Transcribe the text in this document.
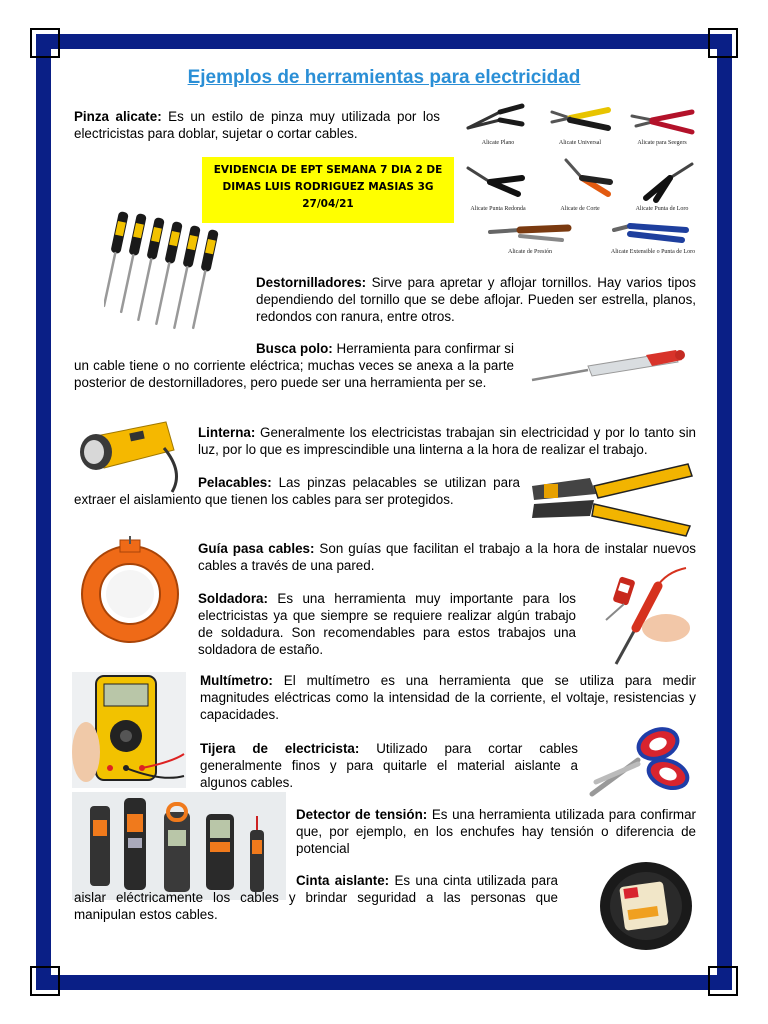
Ejemplos de herramientas para electricidad
Pinza alicate: Es un estilo de pinza muy utilizada por los electricistas para doblar, sujetar o cortar cables.
Alicate Plano	Alicate Universal	Alicate para Seegers
Alicate Punta Redonda	Alicate de Corte	Alicate Punta de Loro
Alicate de Presión	Alicate Extensible o Punta de Loro
EVIDENCIA DE EPT SEMANA 7 DIA 2 DE
DIMAS LUIS RODRIGUEZ MASIAS 3G
27/04/21
Destornilladores: Sirve para apretar y aflojar tornillos. Hay varios tipos dependiendo del tornillo que se debe aflojar. Pueden ser estrella, planos, redondos con ranura, entre otros.
Busca polo: Herramienta para confirmar si un cable tiene o no corriente eléctrica; muchas veces se anexa a la parte posterior de destornilladores, pero puede ser una herramienta per se.
Linterna: Generalmente los electricistas trabajan sin electricidad y por lo tanto sin luz, por lo que es imprescindible una linterna a la hora de realizar el trabajo.
Pelacables: Las pinzas pelacables se utilizan para extraer el aislamiento que tienen los cables para ser protegidos.
Guía pasa cables: Son guías que facilitan el trabajo a la hora de instalar nuevos cables a través de una pared.
Soldadora: Es una herramienta muy importante para los electricistas ya que siempre se requiere realizar algún trabajo de soldadura. Son recomendables para estos trabajos una soldadora de estaño.
Multímetro: El multímetro es una herramienta que se utiliza para medir magnitudes eléctricas como la intensidad de la corriente, el voltaje, resistencias y capacidades.
Tijera de electricista: Utilizado para cortar cables generalmente finos y para quitarle el material aislante a algunos cables.
Detector de tensión: Es una herramienta utilizada para confirmar que, por ejemplo, en los enchufes hay tensión o diferencia de potencial
Cinta aislante: Es una cinta utilizada para aislar eléctricamente los cables y brindar seguridad a las personas que manipulan estos cables.
